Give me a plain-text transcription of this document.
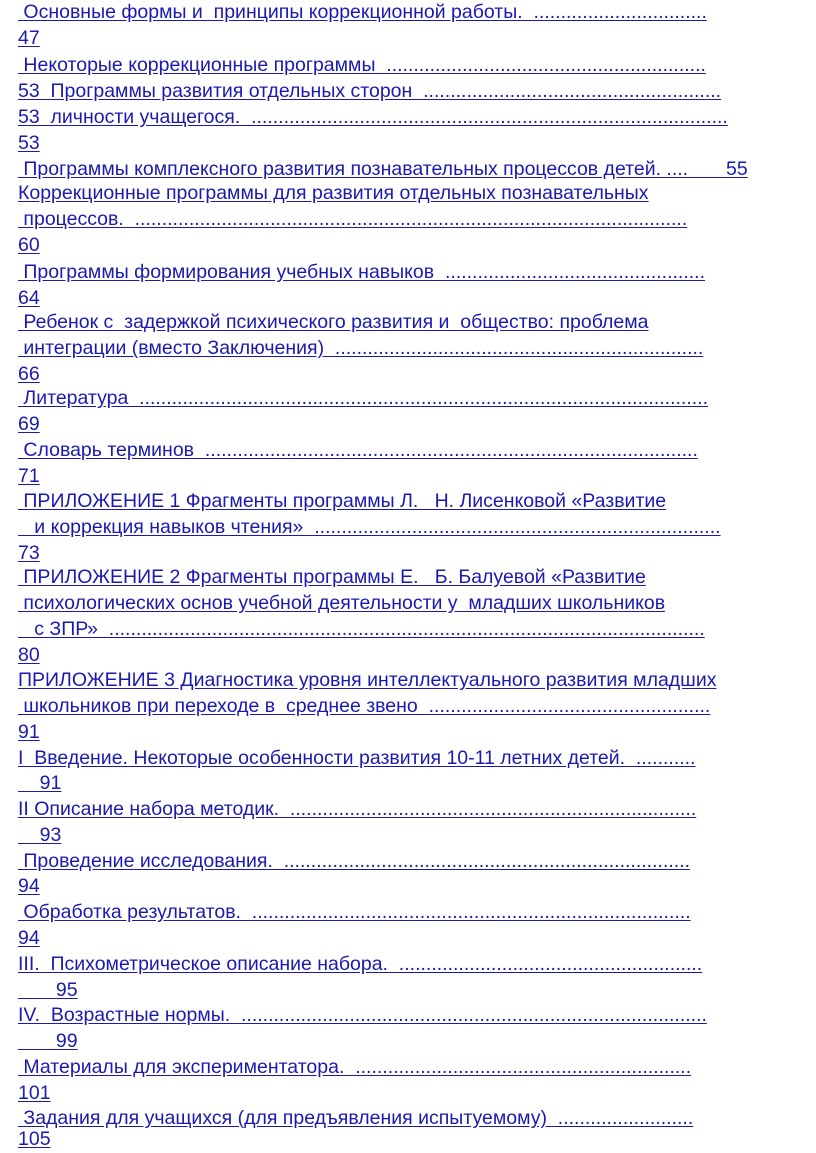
Основные формы и  принципы коррекционной работы.  ................................
47
Некоторые коррекционные программы  ...........................................................
53  Программы развития отдельных сторон  .......................................................
53  личности учащегося.  ........................................................................................
53
Программы комплексного развития познавательных процессов детей. ....       55
Коррекционные программы для развития отдельных познавательных
процессов.  ......................................................................................................
60
Программы формирования учебных навыков  ................................................
64
Ребенок с  задержкой психического развития и  общество: проблема
интеграции (вместо Заключения)  ....................................................................
66
Литература  .........................................................................................................
69
Словарь терминов  ...........................................................................................
71
ПРИЛОЖЕНИЕ 1 Фрагменты программы Л.   Н. Лисенковой «Развитие
и коррекция навыков чтения»  ...........................................................................
73
ПРИЛОЖЕНИЕ 2 Фрагменты программы Е.   Б. Балуевой «Развитие
психологических основ учебной деятельности у  младших школьников
с ЗПР»  ..............................................................................................................
80
ПРИЛОЖЕНИЕ 3 Диагностика уровня интеллектуального развития младших
школьников при переходе в  среднее звено  ....................................................
91
I  Введение. Некоторые особенности развития 10-11 летних детей.  ...........
91
II Описание набора методик.  ...........................................................................
93
Проведение исследования.  ...........................................................................
94
Обработка результатов.  .................................................................................
94
III.  Психометрическое описание набора.  ........................................................
95
IV.  Возрастные нормы.  ......................................................................................
99
Материалы для экспериментатора.  ..............................................................
101
Задания для учащихся (для предъявления испытуемому)  .........................
105
